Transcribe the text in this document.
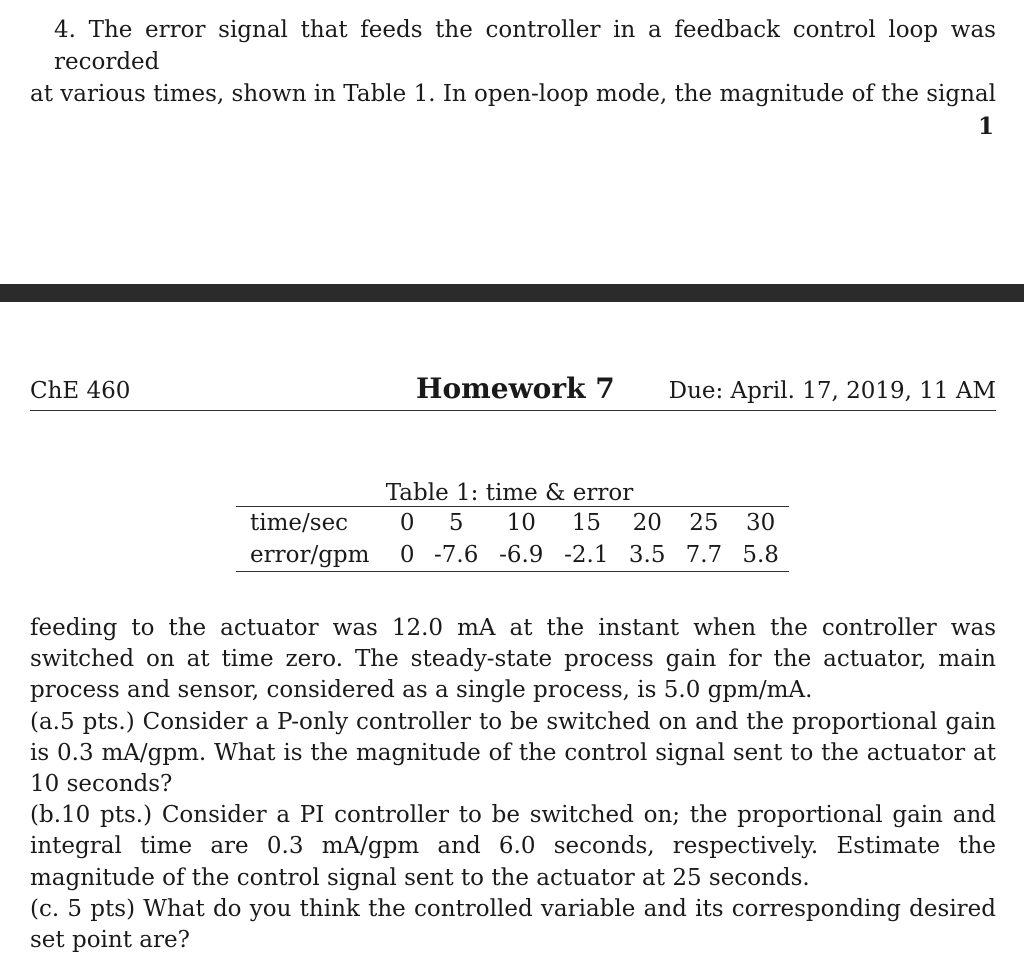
4. The error signal that feeds the controller in a feedback control loop was recorded
at various times, shown in Table 1. In open-loop mode, the magnitude of the signal
1
ChE 460	Homework 7 Due: April. 17, 2019, 11 AM
Table 1: time & error
time/sec	0	5	10	15	20	25	30
error/gpm	0	-7.6	-6.9	-2.1	3.5	7.7	5.8

feeding to the actuator was 12.0 mA at the instant when the controller was switched on at time zero. The steady-state process gain for the actuator, main process and sensor, considered as a single process, is 5.0 gpm/mA.

(a.5 pts.) Consider a P-only controller to be switched on and the proportional gain is 0.3 mA/gpm. What is the magnitude of the control signal sent to the actuator at 10 seconds?

(b.10 pts.) Consider a PI controller to be switched on; the proportional gain and integral time are 0.3 mA/gpm and 6.0 seconds, respectively. Estimate the magnitude of the control signal sent to the actuator at 25 seconds.

(c. 5 pts) What do you think the controlled variable and its corresponding desired set point are?
